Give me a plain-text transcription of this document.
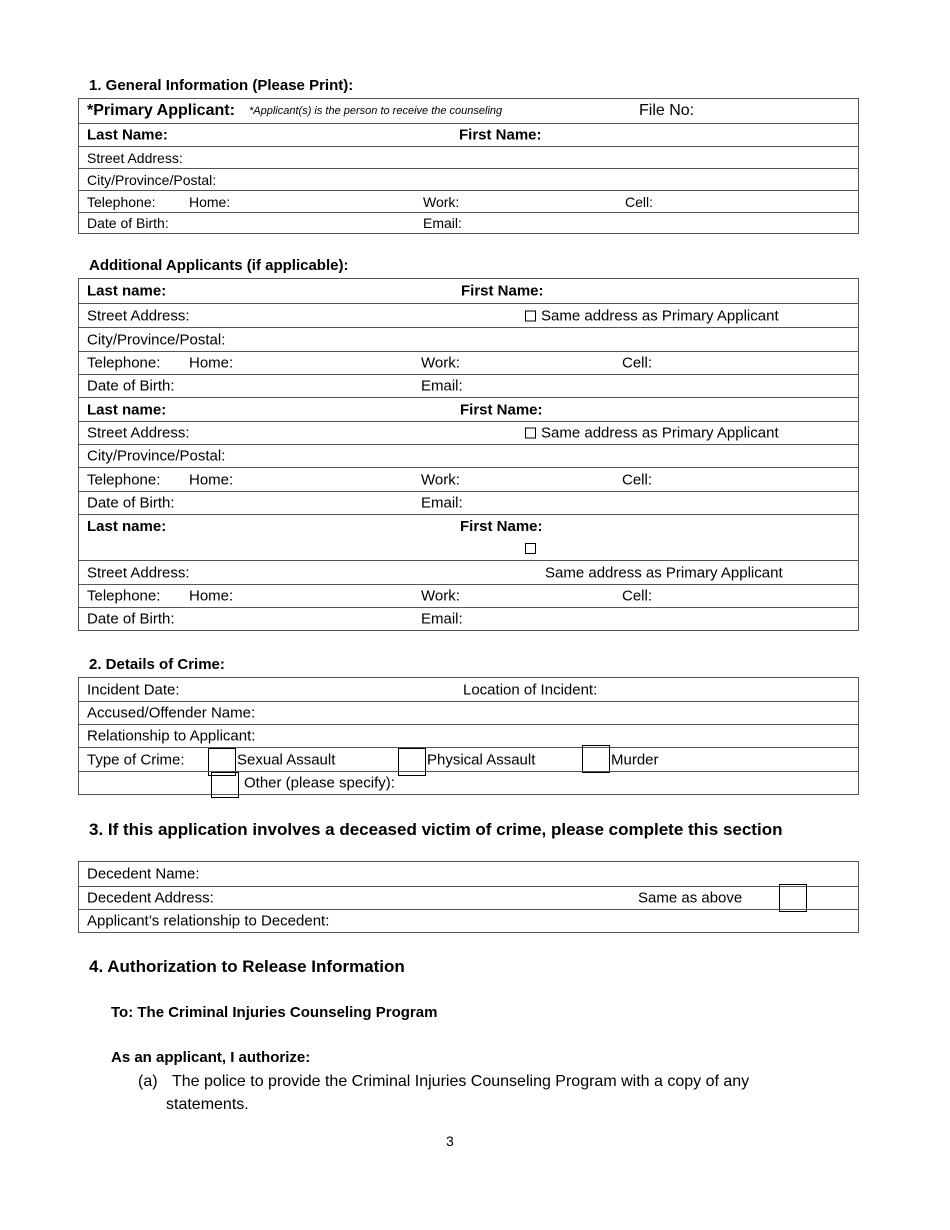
1. General Information (Please Print):
*Primary Applicant: *Applicant(s) is the person to receive the counseling	File No:
Last Name:	First Name:
Street Address:
City/Province/Postal:
Telephone: Home:	Work:	Cell:
Date of Birth:	Email:
Additional Applicants (if applicable):
Last name:	First Name:
Street Address:	Same address as Primary Applicant
City/Province/Postal:
Telephone: Home:	Work:	Cell:
Date of Birth:	Email:
Last name:	First Name:
Street Address:	Same address as Primary Applicant
City/Province/Postal:
Telephone: Home:	Work:	Cell:
Date of Birth:	Email:
Last name:	First Name:
Street Address:	Same address as Primary Applicant
Telephone: Home:	Work:	Cell:
Date of Birth:	Email:
2. Details of Crime:
Incident Date:	Location of Incident:
Accused/Offender Name:
Relationship to Applicant:
Type of Crime:	Sexual Assault	Physical Assault	Murder
Other (please specify):
3. If this application involves a deceased victim of crime, please complete this section
Decedent Name:
Decedent Address:	Same as above
Applicant’s relationship to Decedent:
4. Authorization to Release Information
To: The Criminal Injuries Counseling Program
As an applicant, I authorize:
(a) The police to provide the Criminal Injuries Counseling Program with a copy of any
statements.
3
